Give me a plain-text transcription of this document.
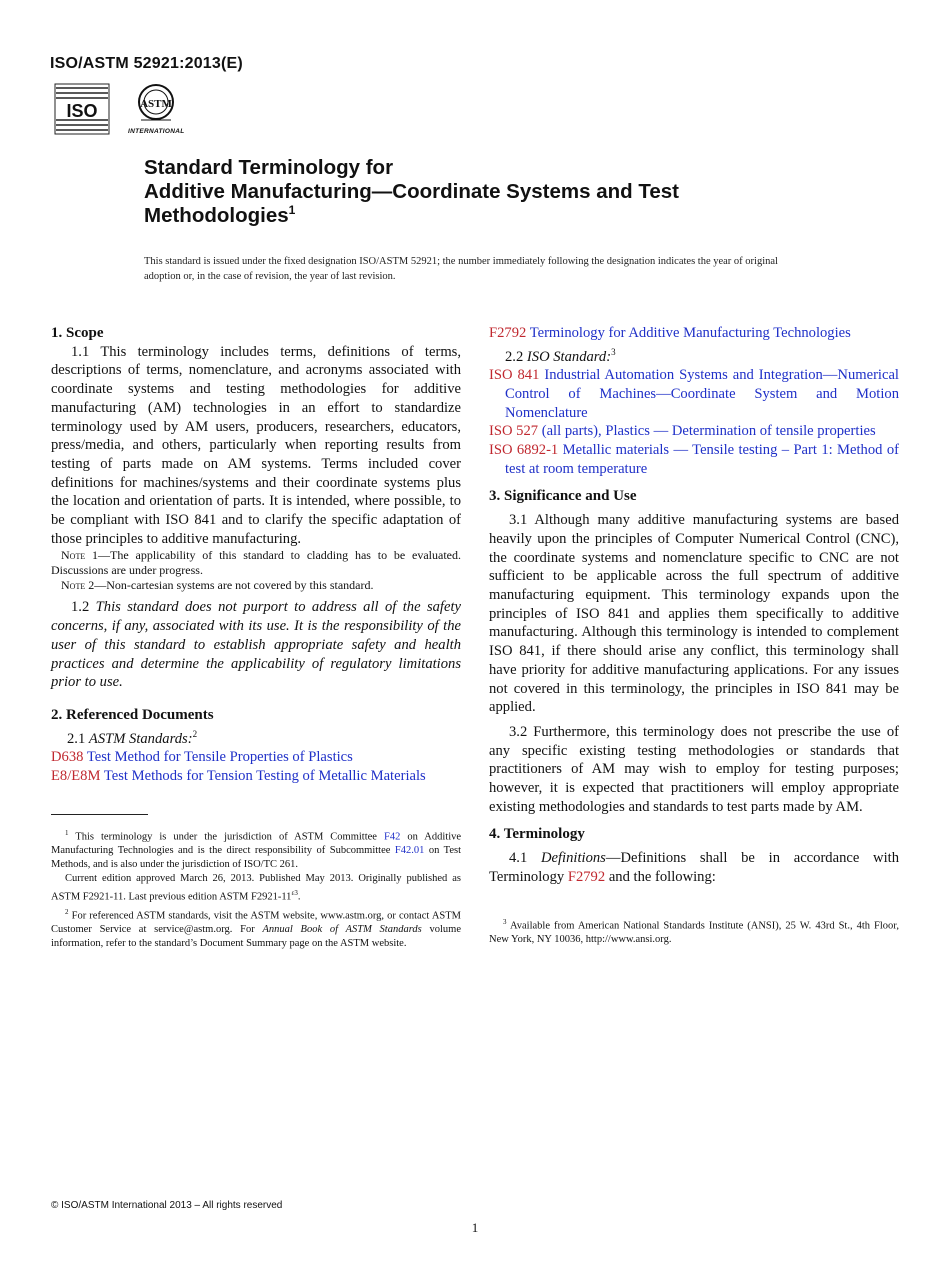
ISO/ASTM 52921:2013(E)
ISO	ASTM
INTERNATIONAL
Standard Terminology for
Additive Manufacturing—Coordinate Systems and Test
Methodologies$^1$
This standard is issued under the fixed designation ISO/ASTM 52921; the number immediately following the designation indicates the year of original adoption or, in the case of revision, the year of last revision.

1. Scope

1.1 This terminology includes terms, definitions of terms, descriptions of terms, nomenclature, and acronyms associated with coordinate systems and testing methodologies for additive manufacturing (AM) technologies in an effort to standardize terminology used by AM users, producers, researchers, educators, press/media, and others, particularly when reporting results from testing of parts made on AM systems. Terms included cover definitions for machines/systems and their coordinate systems plus the location and orientation of parts. It is intended, where possible, to be compliant with ISO 841 and to clarify the specific adaptation of those principles to additive manufacturing.

Note 1—The applicability of this standard to cladding has to be evaluated. Discussions are under progress.

Note 2—Non-cartesian systems are not covered by this standard.

1.2 This standard does not purport to address all of the safety concerns, if any, associated with its use. It is the responsibility of the user of this standard to establish appropriate safety and health practices and determine the applicability of regulatory limitations prior to use.

2. Referenced Documents

2.1 ASTM Standards:$^2$

D638 Test Method for Tensile Properties of Plastics

E8/E8M Test Methods for Tension Testing of Metallic Materials

$^1$ This terminology is under the jurisdiction of ASTM Committee F42 on Additive Manufacturing Technologies and is the direct responsibility of Subcommittee F42.01 on Test Methods, and is also under the jurisdiction of ISO/TC 261.

Current edition approved March 26, 2013. Published May 2013. Originally published as ASTM F2921-11. Last previous edition ASTM $F2921-11^{\varepsilon 3}$.

$^2$ For referenced ASTM standards, visit the ASTM website, www.astm.org, or contact ASTM Customer Service at service@astm.org. For Annual Book of ASTM Standards volume information, refer to the standard’s Document Summary page on the ASTM website.

F2792 Terminology for Additive Manufacturing Technologies

2.2 ISO Standard:$^3$

ISO 841 Industrial Automation Systems and Integration—Numerical Control of Machines—Coordinate System and Motion Nomenclature

ISO 527 (all parts), Plastics — Determination of tensile properties

ISO 6892-1 Metallic materials — Tensile testing – Part 1: Method of test at room temperature

3. Significance and Use

3.1 Although many additive manufacturing systems are based heavily upon the principles of Computer Numerical Control (CNC), the coordinate systems and nomenclature specific to CNC are not sufficient to be applicable across the full spectrum of additive manufacturing equipment. This terminology expands upon the principles of ISO 841 and applies them specifically to additive manufacturing. Although this terminology is intended to complement ISO 841, if there should arise any conflict, this terminology shall have priority for additive manufacturing applications. For any issues not covered in this terminology, the principles in ISO 841 may be applied.

3.2 Furthermore, this terminology does not prescribe the use of any specific existing testing methodologies or standards that practitioners of AM may wish to employ for testing purposes; however, it is expected that practitioners will employ appropriate existing methodologies and standards to test parts made by AM.

4. Terminology

4.1 Definitions—Definitions shall be in accordance with Terminology F2792 and the following:

$^3$ Available from American National Standards Institute (ANSI), 25 W. 43rd St., 4th Floor, New York, NY 10036, http://www.ansi.org.

© ISO/ASTM International 2013 – All rights reserved
1
